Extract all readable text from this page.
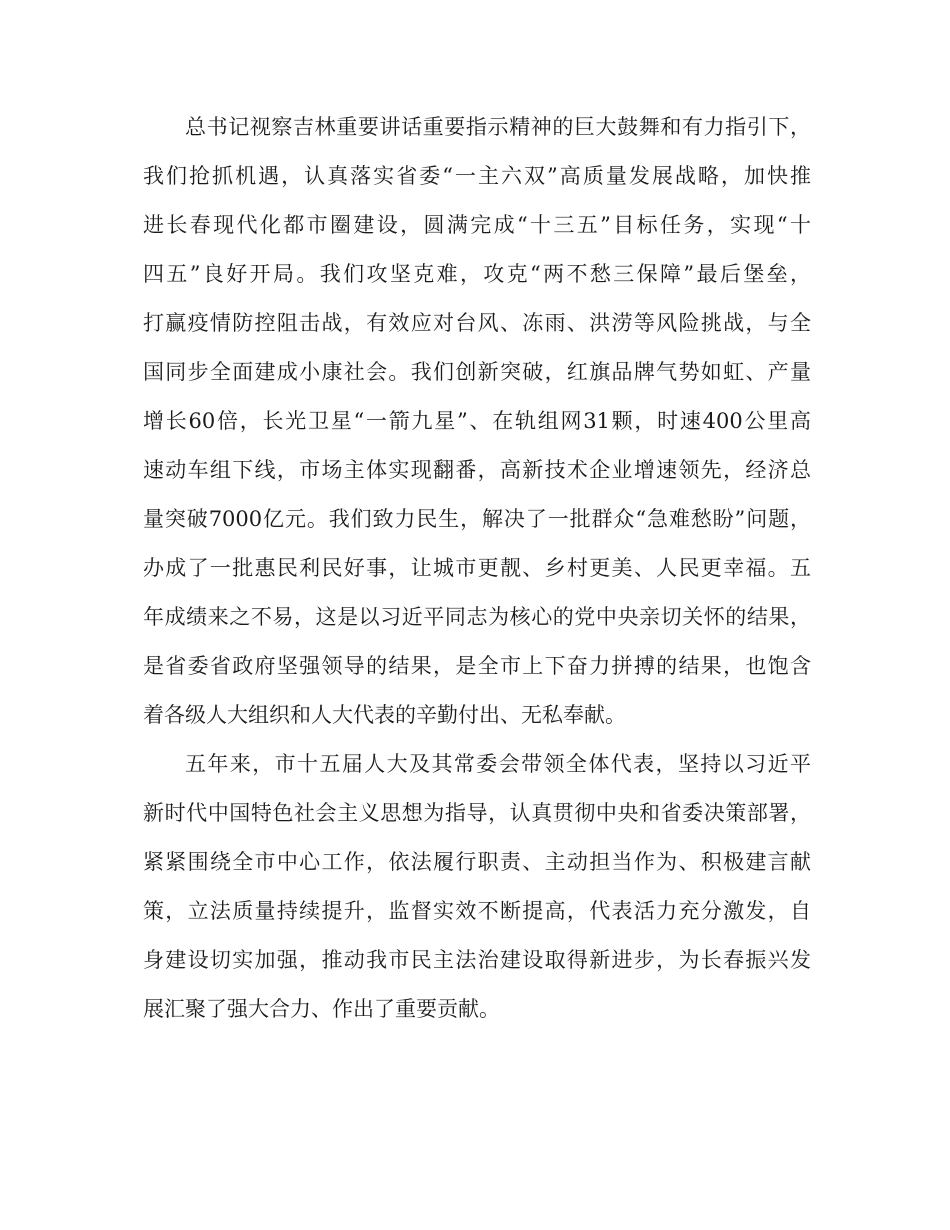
总书记视察吉林重要讲话重要指示精神的巨大鼓舞和有力指引下，
我们抢抓机遇，认真落实省委“一主六双”高质量发展战略，加快推
进长春现代化都市圈建设，圆满完成“十三五”目标任务，实现“十
四五”良好开局。我们攻坚克难，攻克“两不愁三保障”最后堡垒，
打赢疫情防控阻击战，有效应对台风、冻雨、洪涝等风险挑战，与全
国同步全面建成小康社会。我们创新突破，红旗品牌气势如虹、产量
增长60倍，长光卫星“一箭九星”、在轨组网31颗，时速400公里高
速动车组下线，市场主体实现翻番，高新技术企业增速领先，经济总
量突破7000亿元。我们致力民生，解决了一批群众“急难愁盼”问题，
办成了一批惠民利民好事，让城市更靓、乡村更美、人民更幸福。五
年成绩来之不易，这是以习近平同志为核心的党中央亲切关怀的结果，
是省委省政府坚强领导的结果，是全市上下奋力拼搏的结果，也饱含
着各级人大组织和人大代表的辛勤付出、无私奉献。
五年来，市十五届人大及其常委会带领全体代表，坚持以习近平
新时代中国特色社会主义思想为指导，认真贯彻中央和省委决策部署，
紧紧围绕全市中心工作，依法履行职责、主动担当作为、积极建言献
策，立法质量持续提升，监督实效不断提高，代表活力充分激发，自
身建设切实加强，推动我市民主法治建设取得新进步，为长春振兴发
展汇聚了强大合力、作出了重要贡献。
